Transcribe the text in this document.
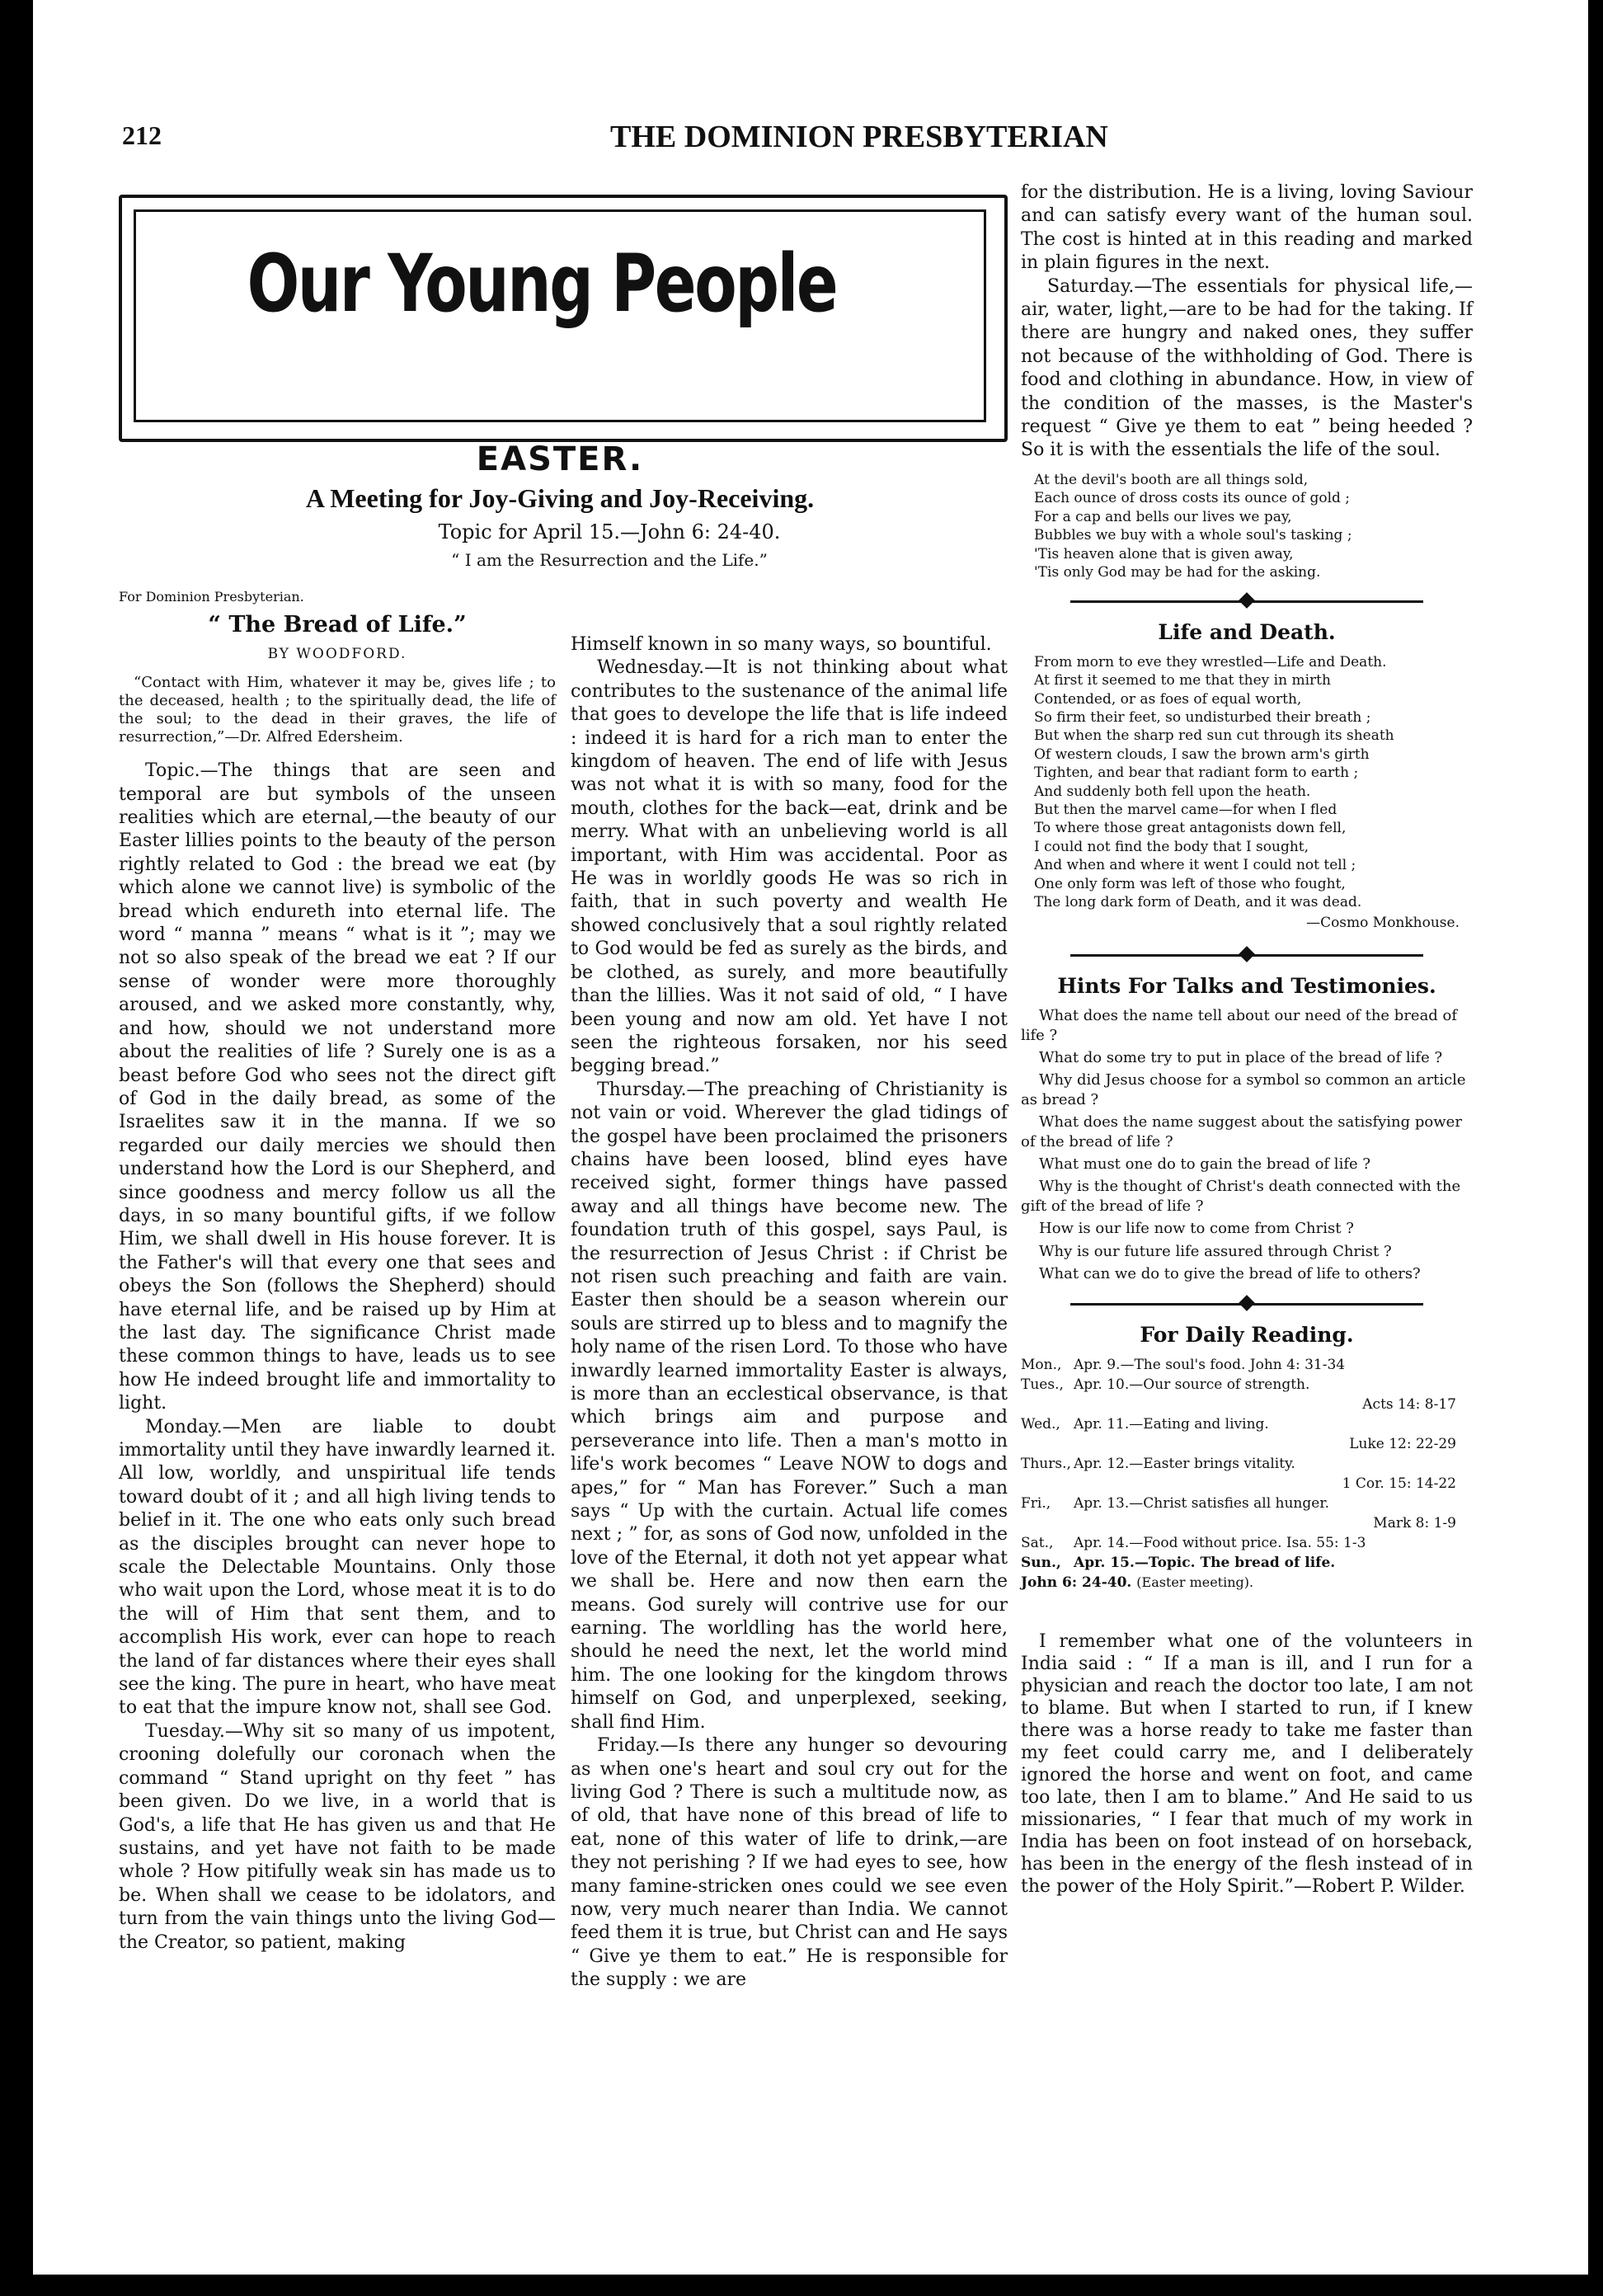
212	THE DOMINION PRESBYTERIAN
Our Young People
EASTER.
A Meeting for Joy-Giving and Joy-Receiving.
Topic for April 15.—John 6: 24-40.
“ I am the Resurrection and the Life.”

For Dominion Presbyterian.

“ The Bread of Life.”
BY WOODFORD.

“Contact with Him, whatever it may be, gives life ; to the deceased, health ; to the spiritually dead, the life of the soul; to the dead in their graves, the life of resurrection,”—Dr. Alfred Edersheim.

Topic.—The things that are seen and temporal are but symbols of the unseen realities which are eternal,—the beauty of our Easter lillies points to the beauty of the person rightly related to God : the bread we eat (by which alone we cannot live) is symbolic of the bread which endureth into eternal life. The word “ manna ” means “ what is it ”; may we not so also speak of the bread we eat ? If our sense of wonder were more thoroughly aroused, and we asked more constantly, why, and how, should we not understand more about the realities of life ? Surely one is as a beast before God who sees not the direct gift of God in the daily bread, as some of the Israelites saw it in the manna. If we so regarded our daily mercies we should then understand how the Lord is our Shepherd, and since goodness and mercy follow us all the days, in so many bountiful gifts, if we follow Him, we shall dwell in His house forever. It is the Father's will that every one that sees and obeys the Son (follows the Shepherd) should have eternal life, and be raised up by Him at the last day. The significance Christ made these common things to have, leads us to see how He indeed brought life and immortality to light.

Monday.—Men are liable to doubt immortality until they have inwardly learned it. All low, worldly, and unspiritual life tends toward doubt of it ; and all high living tends to belief in it. The one who eats only such bread as the disciples brought can never hope to scale the Delectable Mountains. Only those who wait upon the Lord, whose meat it is to do the will of Him that sent them, and to accomplish His work, ever can hope to reach the land of far distances where their eyes shall see the king. The pure in heart, who have meat to eat that the impure know not, shall see God.

Tuesday.—Why sit so many of us impotent, crooning dolefully our coronach when the command “ Stand upright on thy feet ” has been given. Do we live, in a world that is God's, a life that He has given us and that He sustains, and yet have not faith to be made whole ? How pitifully weak sin has made us to be. When shall we cease to be idolators, and turn from the vain things unto the living God—the Creator, so patient, making

Himself known in so many ways, so bountiful.

Wednesday.—It is not thinking about what contributes to the sustenance of the animal life that goes to develope the life that is life indeed : indeed it is hard for a rich man to enter the kingdom of heaven. The end of life with Jesus was not what it is with so many, food for the mouth, clothes for the back—eat, drink and be merry. What with an unbelieving world is all important, with Him was accidental. Poor as He was in worldly goods He was so rich in faith, that in such poverty and wealth He showed conclusively that a soul rightly related to God would be fed as surely as the birds, and be clothed, as surely, and more beautifully than the lillies. Was it not said of old, “ I have been young and now am old. Yet have I not seen the righteous forsaken, nor his seed begging bread.”

Thursday.—The preaching of Christianity is not vain or void. Wherever the glad tidings of the gospel have been proclaimed the prisoners chains have been loosed, blind eyes have received sight, former things have passed away and all things have become new. The foundation truth of this gospel, says Paul, is the resurrection of Jesus Christ : if Christ be not risen such preaching and faith are vain. Easter then should be a season wherein our souls are stirred up to bless and to magnify the holy name of the risen Lord. To those who have inwardly learned immortality Easter is always, is more than an ecclestical observance, is that which brings aim and purpose and perseverance into life. Then a man's motto in life's work becomes “ Leave NOW to dogs and apes,” for “ Man has Forever.” Such a man says “ Up with the curtain. Actual life comes next ; ” for, as sons of God now, unfolded in the love of the Eternal, it doth not yet appear what we shall be. Here and now then earn the means. God surely will contrive use for our earning. The worldling has the world here, should he need the next, let the world mind him. The one looking for the kingdom throws himself on God, and unperplexed, seeking, shall find Him.

Friday.—Is there any hunger so devouring as when one's heart and soul cry out for the living God ? There is such a multitude now, as of old, that have none of this bread of life to eat, none of this water of life to drink,—are they not perishing ? If we had eyes to see, how many famine-stricken ones could we see even now, very much nearer than India. We cannot feed them it is true, but Christ can and He says “ Give ye them to eat.” He is responsible for the supply : we are

for the distribution. He is a living, loving Saviour and can satisfy every want of the human soul. The cost is hinted at in this reading and marked in plain figures in the next.

Saturday.—The essentials for physical life,—air, water, light,—are to be had for the taking. If there are hungry and naked ones, they suffer not because of the withholding of God. There is food and clothing in abundance. How, in view of the condition of the masses, is the Master's request “ Give ye them to eat ” being heeded ? So it is with the essentials the life of the soul.

At the devil's booth are all things sold,
Each ounce of dross costs its ounce of gold ;
For a cap and bells our lives we pay,
Bubbles we buy with a whole soul's tasking ;
'Tis heaven alone that is given away,
'Tis only God may be had for the asking.
Life and Death.
From morn to eve they wrestled—Life and Death.
At first it seemed to me that they in mirth
Contended, or as foes of equal worth,
So firm their feet, so undisturbed their breath ;
But when the sharp red sun cut through its sheath
Of western clouds, I saw the brown arm's girth
Tighten, and bear that radiant form to earth ;
And suddenly both fell upon the heath.
But then the marvel came—for when I fled
To where those great antagonists down fell,
I could not find the body that I sought,
And when and where it went I could not tell ;
One only form was left of those who fought,
The long dark form of Death, and it was dead.
—Cosmo Monkhouse.
Hints For Talks and Testimonies.
What does the name tell about our need of the bread of life ?
What do some try to put in place of the bread of life ?
Why did Jesus choose for a symbol so common an article as bread ?
What does the name suggest about the satisfying power of the bread of life ?
What must one do to gain the bread of life ?
Why is the thought of Christ's death connected with the gift of the bread of life ?
How is our life now to come from Christ ?
Why is our future life assured through Christ ?
What can we do to give the bread of life to others?
For Daily Reading.
Mon., Apr. 9.—The soul's food. John 4: 31-34
Tues., Apr. 10.—Our source of strength.
Acts 14: 8-17
Wed., Apr. 11.—Eating and living.
Luke 12: 22-29
Thurs., Apr. 12.—Easter brings vitality.
1 Cor. 15: 14-22
Fri., Apr. 13.—Christ satisfies all hunger.
Mark 8: 1-9
Sat., Apr. 14.—Food without price. Isa. 55: 1-3
Sun., Apr. 15.—Topic. The bread of life.
John 6: 24-40. (Easter meeting).

I remember what one of the volunteers in India said : “ If a man is ill, and I run for a physician and reach the doctor too late, I am not to blame. But when I started to run, if I knew there was a horse ready to take me faster than my feet could carry me, and I deliberately ignored the horse and went on foot, and came too late, then I am to blame.” And He said to us missionaries, “ I fear that much of my work in India has been on foot instead of on horseback, has been in the energy of the flesh instead of in the power of the Holy Spirit.”—Robert P. Wilder.
